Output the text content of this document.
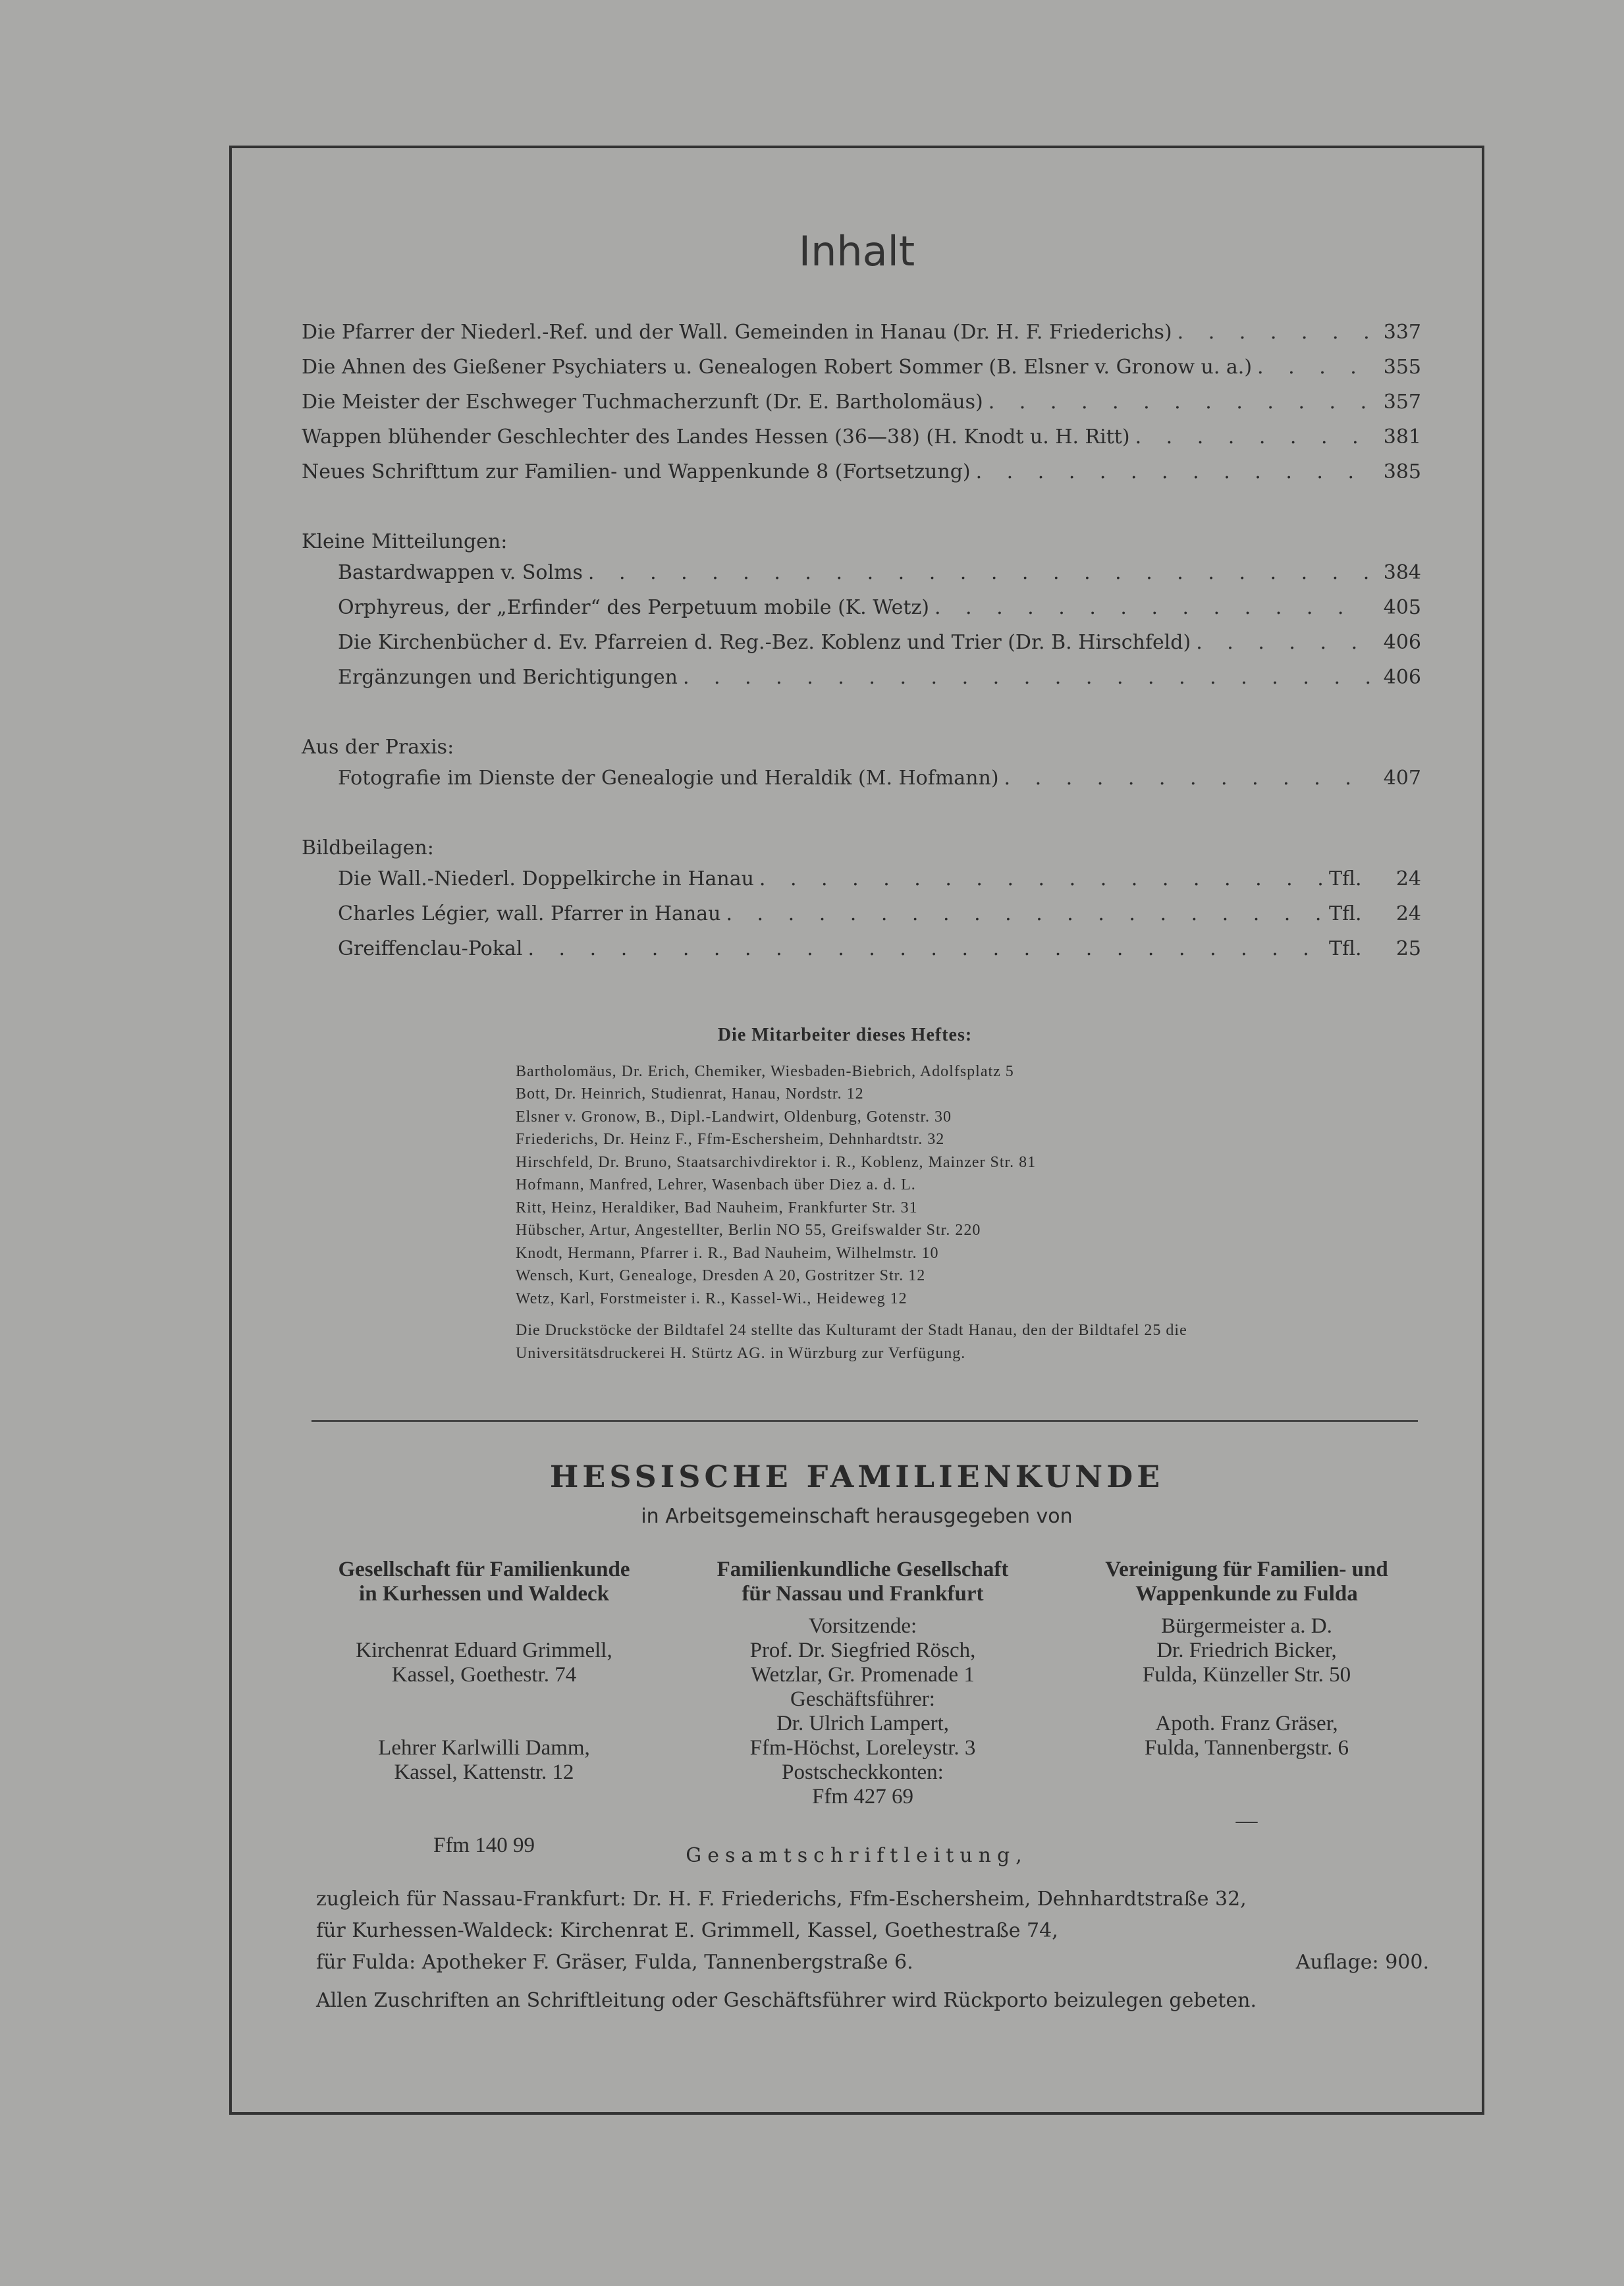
Inhalt
Die Pfarrer der Niederl.-Ref. und der Wall. Gemeinden in Hanau (Dr. H. F. Friederichs) . . .	337
Die Ahnen des Gießener Psychiaters u. Genealogen Robert Sommer (B. Elsner v. Gronow u. a.) . . .	355
Die Meister der Eschweger Tuchmacherzunft (Dr. E. Bartholomäus) . . .	357
Wappen blühender Geschlechter des Landes Hessen (36—38) (H. Knodt u. H. Ritt) . . .	381
Neues Schrifttum zur Familien- und Wappenkunde 8 (Fortsetzung) . . .	385
Kleine Mitteilungen:
Bastardwappen v. Solms . . .	384
Orphyreus, der „Erfinder“ des Perpetuum mobile (K. Wetz) . . .	405
Die Kirchenbücher d. Ev. Pfarreien d. Reg.-Bez. Koblenz und Trier (Dr. B. Hirschfeld) . . .	406
Ergänzungen und Berichtigungen . . .	406
Aus der Praxis:
Fotografie im Dienste der Genealogie und Heraldik (M. Hofmann) . . .	407
Bildbeilagen:
Die Wall.-Niederl. Doppelkirche in Hanau . . .	Tfl.	24
Charles Légier, wall. Pfarrer in Hanau . . .	Tfl.	24
Greiffenclau-Pokal . . .	Tfl.	25
Die Mitarbeiter dieses Heftes:
Bartholomäus, Dr. Erich, Chemiker, Wiesbaden-Biebrich, Adolfsplatz 5
Bott, Dr. Heinrich, Studienrat, Hanau, Nordstr. 12
Elsner v. Gronow, B., Dipl.-Landwirt, Oldenburg, Gotenstr. 30
Friederichs, Dr. Heinz F., Ffm-Eschersheim, Dehnhardtstr. 32
Hirschfeld, Dr. Bruno, Staatsarchivdirektor i. R., Koblenz, Mainzer Str. 81
Hofmann, Manfred, Lehrer, Wasenbach über Diez a. d. L.
Ritt, Heinz, Heraldiker, Bad Nauheim, Frankfurter Str. 31
Hübscher, Artur, Angestellter, Berlin NO 55, Greifswalder Str. 220
Knodt, Hermann, Pfarrer i. R., Bad Nauheim, Wilhelmstr. 10
Wensch, Kurt, Genealoge, Dresden A 20, Gostritzer Str. 12
Wetz, Karl, Forstmeister i. R., Kassel-Wi., Heideweg 12
Die Druckstöcke der Bildtafel 24 stellte das Kulturamt der Stadt Hanau, den der Bildtafel 25 die Universitätsdruckerei H. Stürtz AG. in Würzburg zur Verfügung.
HESSISCHE FAMILIENKUNDE
in Arbeitsgemeinschaft herausgegeben von
Gesellschaft für Familienkunde
in Kurhessen und Waldeck
Kirchenrat Eduard Grimmell,
Kassel, Goethestr. 74
Lehrer Karlwilli Damm,
Kassel, Kattenstr. 12
Ffm 140 99
Familienkundliche Gesellschaft
für Nassau und Frankfurt
Vorsitzende:
Prof. Dr. Siegfried Rösch,
Wetzlar, Gr. Promenade 1
Geschäftsführer:
Dr. Ulrich Lampert,
Ffm-Höchst, Loreleystr. 3
Postscheckkonten:
Ffm 427 69
Vereinigung für Familien- und
Wappenkunde zu Fulda
Bürgermeister a. D.
Dr. Friedrich Bicker,
Fulda, Künzeller Str. 50
Apoth. Franz Gräser,
Fulda, Tannenbergstr. 6
—
Gesamtschriftleitung,
zugleich für Nassau-Frankfurt: Dr. H. F. Friederichs, Ffm-Eschersheim, Dehnhardtstraße 32,
für Kurhessen-Waldeck: Kirchenrat E. Grimmell, Kassel, Goethestraße 74,
für Fulda: Apotheker F. Gräser, Fulda, Tannenbergstraße 6.	Auflage: 900.
Allen Zuschriften an Schriftleitung oder Geschäftsführer wird Rückporto beizulegen gebeten.
